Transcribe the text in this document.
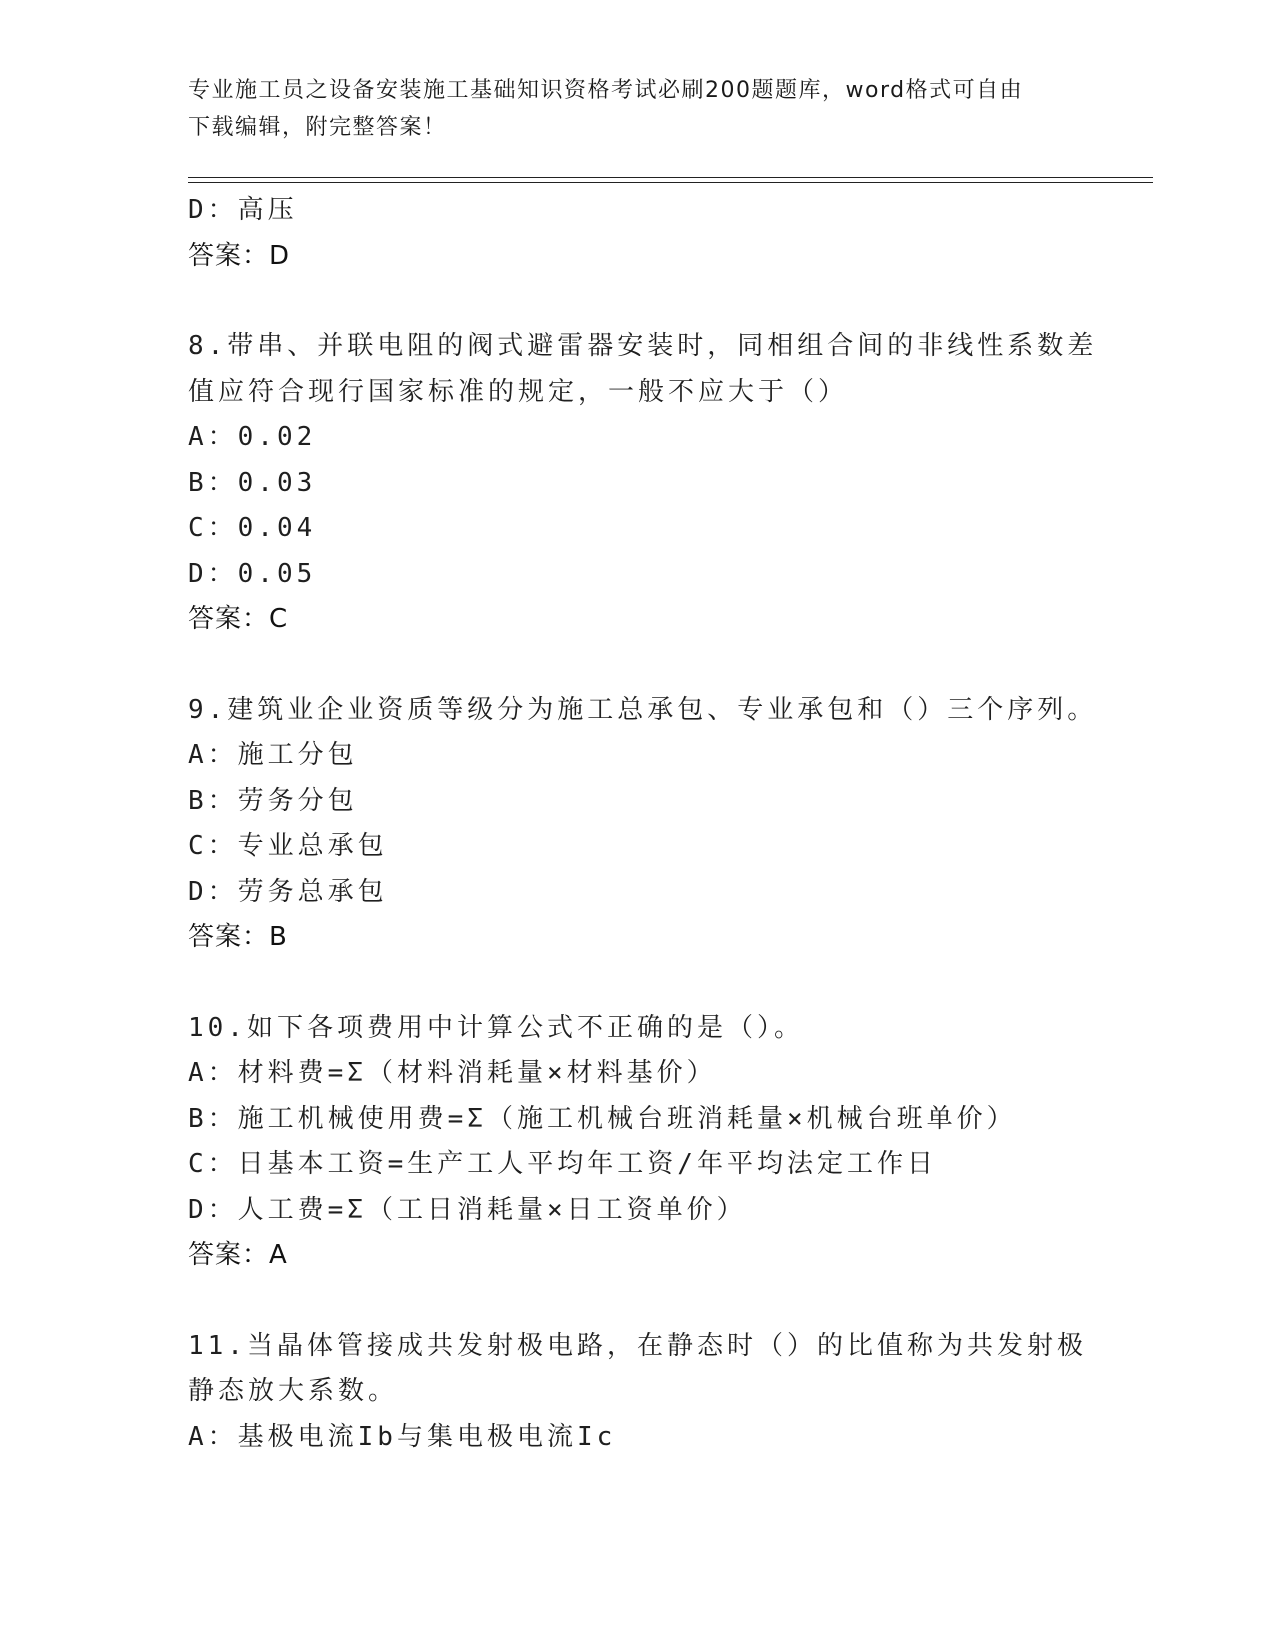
专业施工员之设备安装施工基础知识资格考试必刷200题题库，word格式可自由
下载编辑，附完整答案！
D：高压
答案：D
8.带串、并联电阻的阀式避雷器安装时，同相组合间的非线性系数差
值应符合现行国家标准的规定，一般不应大于（）
A：0.02
B：0.03
C：0.04
D：0.05
答案：C
9.建筑业企业资质等级分为施工总承包、专业承包和（）三个序列。
A：施工分包
B：劳务分包
C：专业总承包
D：劳务总承包
答案：B
10.如下各项费用中计算公式不正确的是（）。
A：材料费=Σ（材料消耗量×材料基价）
B：施工机械使用费=Σ（施工机械台班消耗量×机械台班单价）
C：日基本工资=生产工人平均年工资/年平均法定工作日
D：人工费=Σ（工日消耗量×日工资单价）
答案：A
11.当晶体管接成共发射极电路，在静态时（）的比值称为共发射极
静态放大系数。
A：基极电流Ib与集电极电流Ic
